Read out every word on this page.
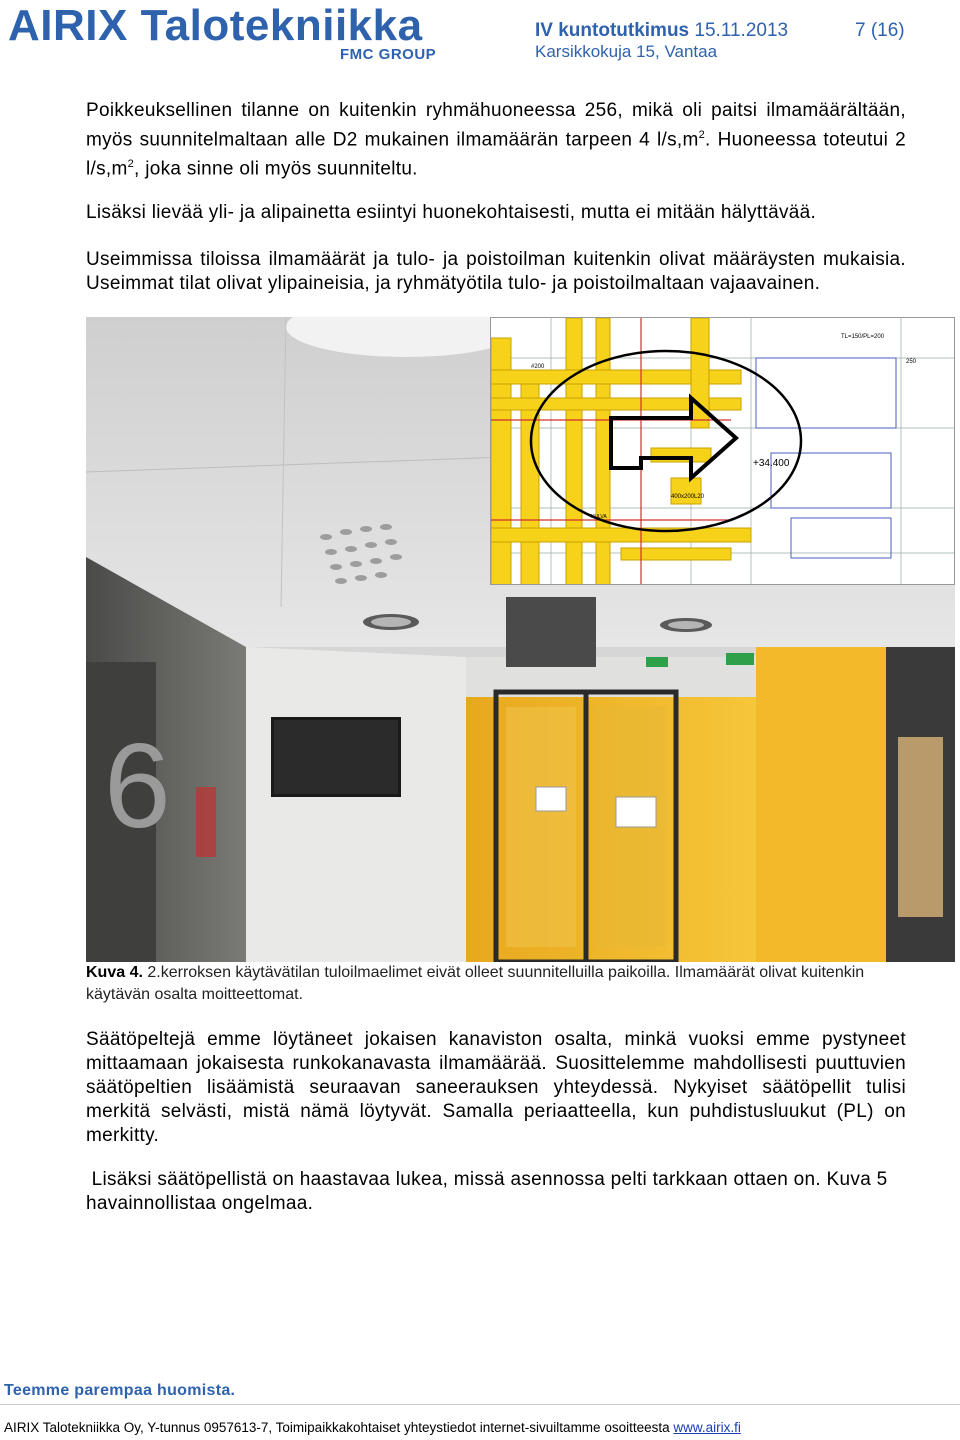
AIRIX Talotekniikka
FMC GROUP
IV kuntotutkimus 15.11.2013
Karsikkokuja 15, Vantaa
7 (16)

Poikkeuksellinen tilanne on kuitenkin ryhmähuoneessa 256, mikä oli paitsi ilmamäärältään, myös suunnitelmaltaan alle D2 mukainen ilmamäärän tarpeen 4 $l/s,m^2$. Huoneessa toteutui 2 $l/s,m^2$, joka sinne oli myös suunniteltu.

Lisäksi lievää yli- ja alipainetta esiintyi huonekohtaisesti, mutta ei mitään hälyttävää.

Useimmissa tiloissa ilmamäärät ja tulo- ja poistoilman kuitenkin olivat määräysten mukaisia. Useimmat tilat olivat ylipaineisia, ja ryhmätyötila tulo- ja poistoilmaltaan vajaavainen.

6
+34.400
400x200L20
#200
250
TL=150/PL=200
KULVA
Kuva 4. 2.kerroksen käytävätilan tuloilmaelimet eivät olleet suunnitelluilla paikoilla. Ilmamäärät olivat kuitenkin käytävän osalta moitteettomat.

Säätöpeltejä emme löytäneet jokaisen kanaviston osalta, minkä vuoksi emme pystyneet mittaamaan jokaisesta runkokanavasta ilmamäärää. Suosittelemme mahdollisesti puuttuvien säätöpeltien lisäämistä seuraavan saneerauksen yhteydessä. Nykyiset säätöpellit tulisi merkitä selvästi, mistä nämä löytyvät. Samalla periaatteella, kun puhdistusluukut (PL) on merkitty.

Lisäksi säätöpellistä on haastavaa lukea, missä asennossa pelti tarkkaan ottaen on. Kuva 5 havainnollistaa ongelmaa.

Teemme parempaa huomista.
AIRIX Talotekniikka Oy, Y-tunnus 0957613-7, Toimipaikkakohtaiset yhteystiedot internet-sivuiltamme osoitteesta www.airix.fi
